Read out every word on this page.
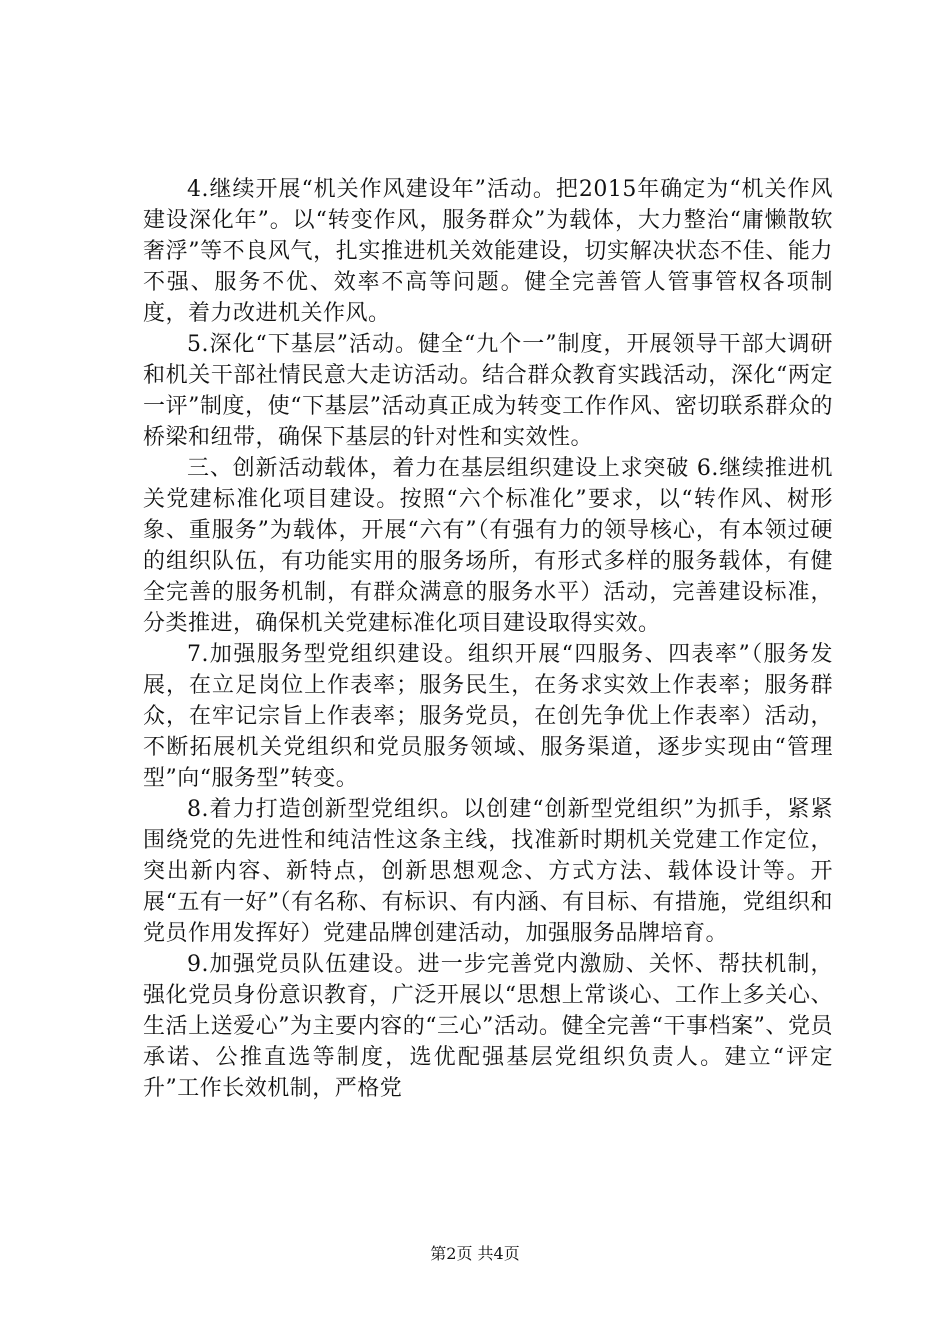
4.继续开展“机关作风建设年”活动。把2015年确定为“机关作风建设深化年”。以“转变作风，服务群众”为载体，大力整治“庸懒散软奢浮”等不良风气，扎实推进机关效能建设，切实解决状态不佳、能力不强、服务不优、效率不高等问题。健全完善管人管事管权各项制度，着力改进机关作风。

5.深化“下基层”活动。健全“九个一”制度，开展领导干部大调研和机关干部社情民意大走访活动。结合群众教育实践活动，深化“两定一评”制度，使“下基层”活动真正成为转变工作作风、密切联系群众的桥梁和纽带，确保下基层的针对性和实效性。

三、创新活动载体，着力在基层组织建设上求突破 6.继续推进机关党建标准化项目建设。按照“六个标准化”要求，以“转作风、树形象、重服务”为载体，开展“六有”（有强有力的领导核心，有本领过硬的组织队伍，有功能实用的服务场所，有形式多样的服务载体，有健全完善的服务机制，有群众满意的服务水平）活动，完善建设标准，分类推进，确保机关党建标准化项目建设取得实效。

7.加强服务型党组织建设。组织开展“四服务、四表率”（服务发展，在立足岗位上作表率；服务民生，在务求实效上作表率；服务群众，在牢记宗旨上作表率；服务党员，在创先争优上作表率）活动，不断拓展机关党组织和党员服务领域、服务渠道，逐步实现由“管理型”向“服务型”转变。

8.着力打造创新型党组织。以创建“创新型党组织”为抓手，紧紧围绕党的先进性和纯洁性这条主线，找准新时期机关党建工作定位，突出新内容、新特点，创新思想观念、方式方法、载体设计等。开展“五有一好”（有名称、有标识、有内涵、有目标、有措施，党组织和党员作用发挥好）党建品牌创建活动，加强服务品牌培育。

9.加强党员队伍建设。进一步完善党内激励、关怀、帮扶机制，强化党员身份意识教育，广泛开展以“思想上常谈心、工作上多关心、生活上送爱心”为主要内容的“三心”活动。健全完善“干事档案”、党员承诺、公推直选等制度，选优配强基层党组织负责人。建立“评定升”工作长效机制，严格党

第2页 共4页
